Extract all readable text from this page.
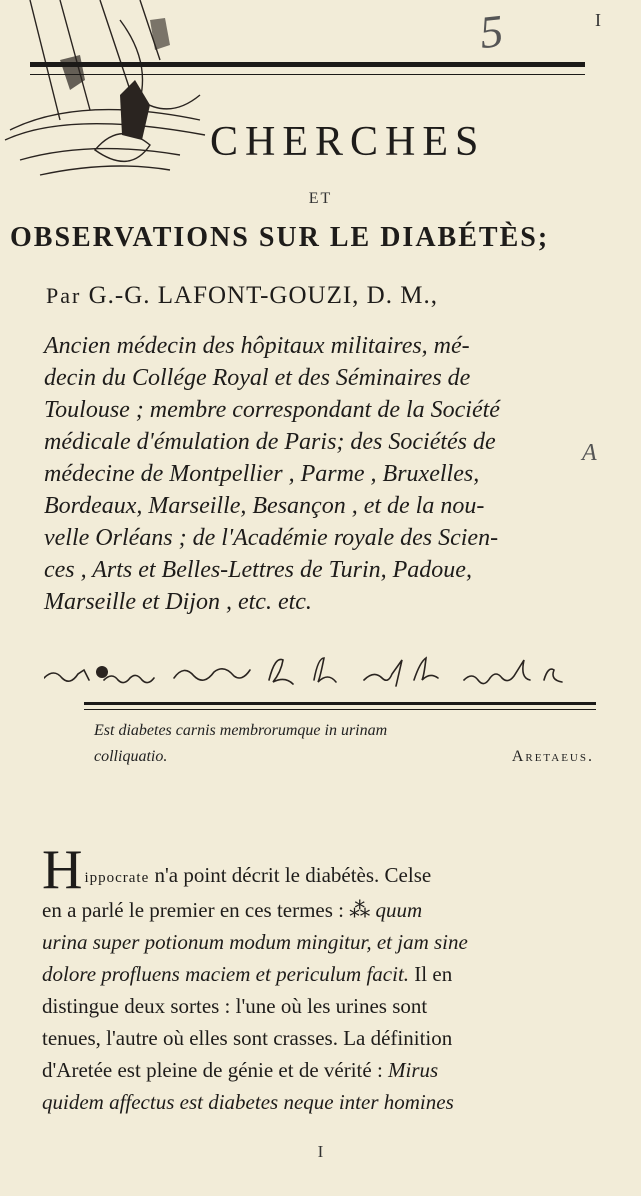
5	I
CHERCHES
ET
OBSERVATIONS SUR LE DIABÉTÈS;
Par G.-G. LAFONT-GOUZI, D. M.,
Ancien médecin des hôpitaux militaires, mé-
decin du Collége Royal et des Séminaires de
Toulouse ; membre correspondant de la Société
médicale d'émulation de Paris; des Sociétés de
médecine de Montpellier , Parme , Bruxelles,
Bordeaux, Marseille, Besançon , et de la nou-
velle Orléans ; de l'Académie royale des Scien-
ces , Arts et Belles-Lettres de Turin, Padoue,
Marseille et Dijon , etc. etc.
A
Est diabetes carnis membrorumque in urinam
colliquatio.	Aretaeus.
Hippocrate n'a point décrit le diabétès. Celse
en a parlé le premier en ces termes : ⁂ quum
urina super potionum modum mingitur, et jam sine
dolore profluens maciem et periculum facit. Il en
distingue deux sortes : l'une où les urines sont
tenues, l'autre où elles sont crasses. La définition
d'Aretée est pleine de génie et de vérité : Mirus
quidem affectus est diabetes neque inter homines
I
